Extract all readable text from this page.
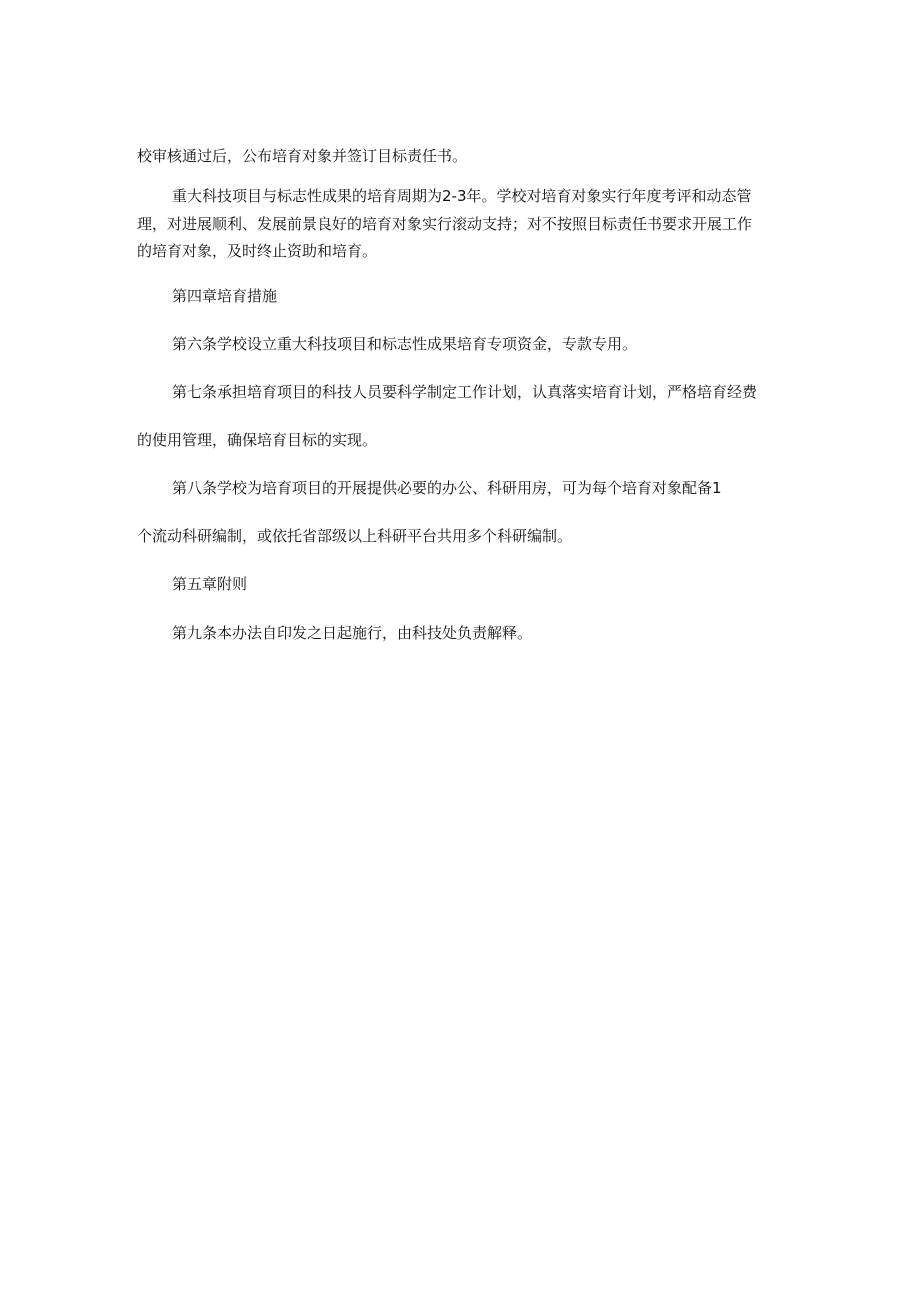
校审核通过后，公布培育对象并签订目标责任书。
重大科技项目与标志性成果的培育周期为2-3年。学校对培育对象实行年度考评和动态管
理，对进展顺利、发展前景良好的培育对象实行滚动支持；对不按照目标责任书要求开展工作
的培育对象，及时终止资助和培育。
第四章培育措施
第六条学校设立重大科技项目和标志性成果培育专项资金，专款专用。
第七条承担培育项目的科技人员要科学制定工作计划，认真落实培育计划，严格培育经费
的使用管理，确保培育目标的实现。
第八条学校为培育项目的开展提供必要的办公、科研用房，可为每个培育对象配备1
个流动科研编制，或依托省部级以上科研平台共用多个科研编制。
第五章附则
第九条本办法自印发之日起施行，由科技处负责解释。
